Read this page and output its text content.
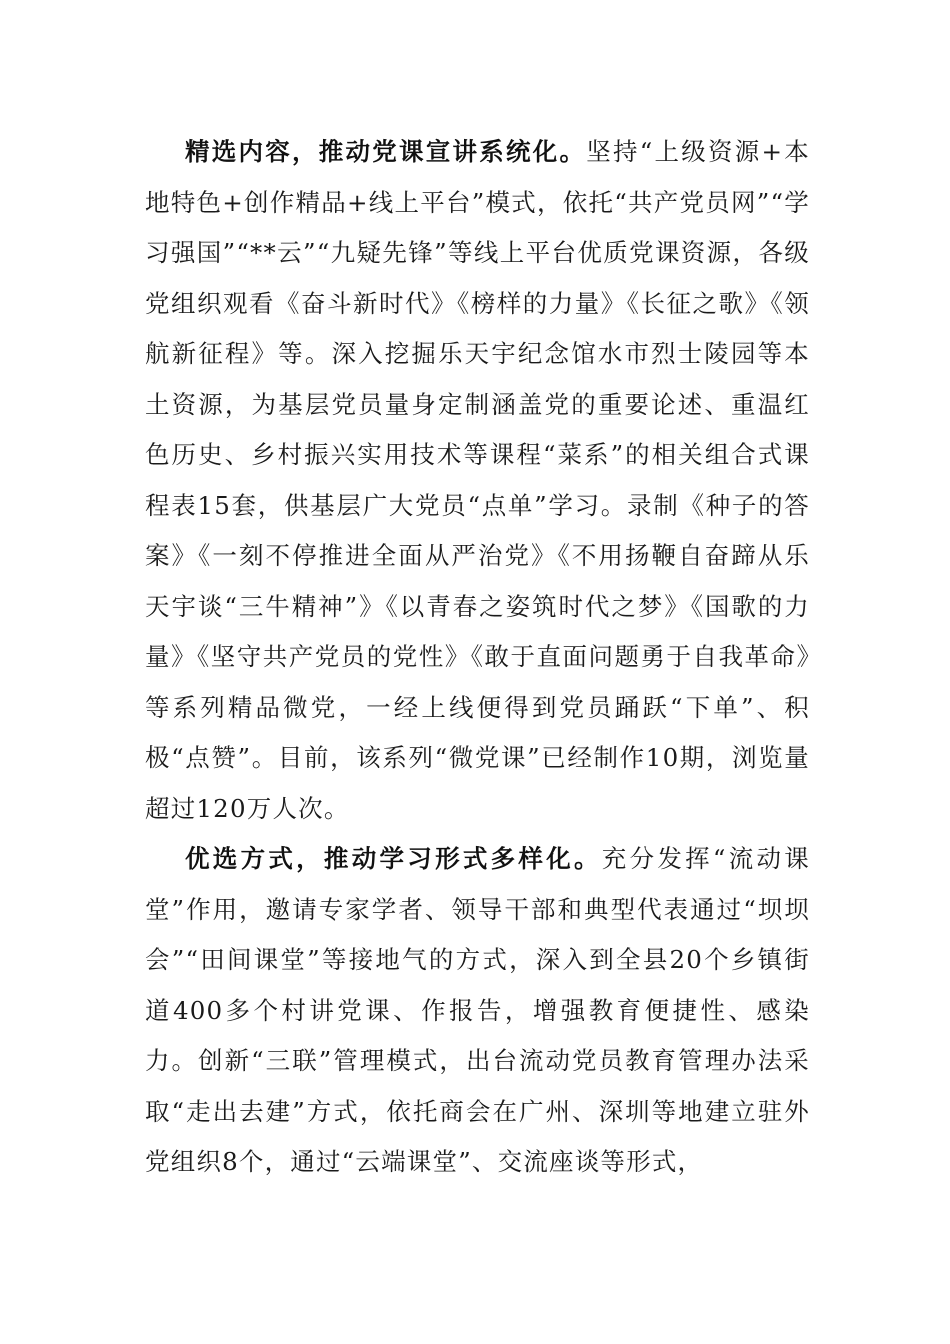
精选内容，推动党课宣讲系统化。坚持“上级资源+本地特色+创作精品+线上平台”模式，依托“共产党员网”“学习强国”“**云”“九疑先锋”等线上平台优质党课资源，各级党组织观看《奋斗新时代》《榜样的力量》《长征之歌》《领航新征程》等。深入挖掘乐天宇纪念馆水市烈士陵园等本土资源，为基层党员量身定制涵盖党的重要论述、重温红色历史、乡村振兴实用技术等课程“菜系”的相关组合式课程表15套，供基层广大党员“点单”学习。录制《种子的答案》《一刻不停推进全面从严治党》《不用扬鞭自奋蹄从乐天宇谈“三牛精神”》《以青春之姿筑时代之梦》《国歌的力量》《坚守共产党员的党性》《敢于直面问题勇于自我革命》等系列精品微党，一经上线便得到党员踊跃“下单”、积极“点赞”。目前，该系列“微党课”已经制作10期，浏览量超过120万人次。

优选方式，推动学习形式多样化。充分发挥“流动课堂”作用，邀请专家学者、领导干部和典型代表通过“坝坝会”“田间课堂”等接地气的方式，深入到全县20个乡镇街道400多个村讲党课、作报告，增强教育便捷性、感染力。创新“三联”管理模式，出台流动党员教育管理办法采取“走出去建”方式，依托商会在广州、深圳等地建立驻外党组织8个，通过“云端课堂”、交流座谈等形式，
